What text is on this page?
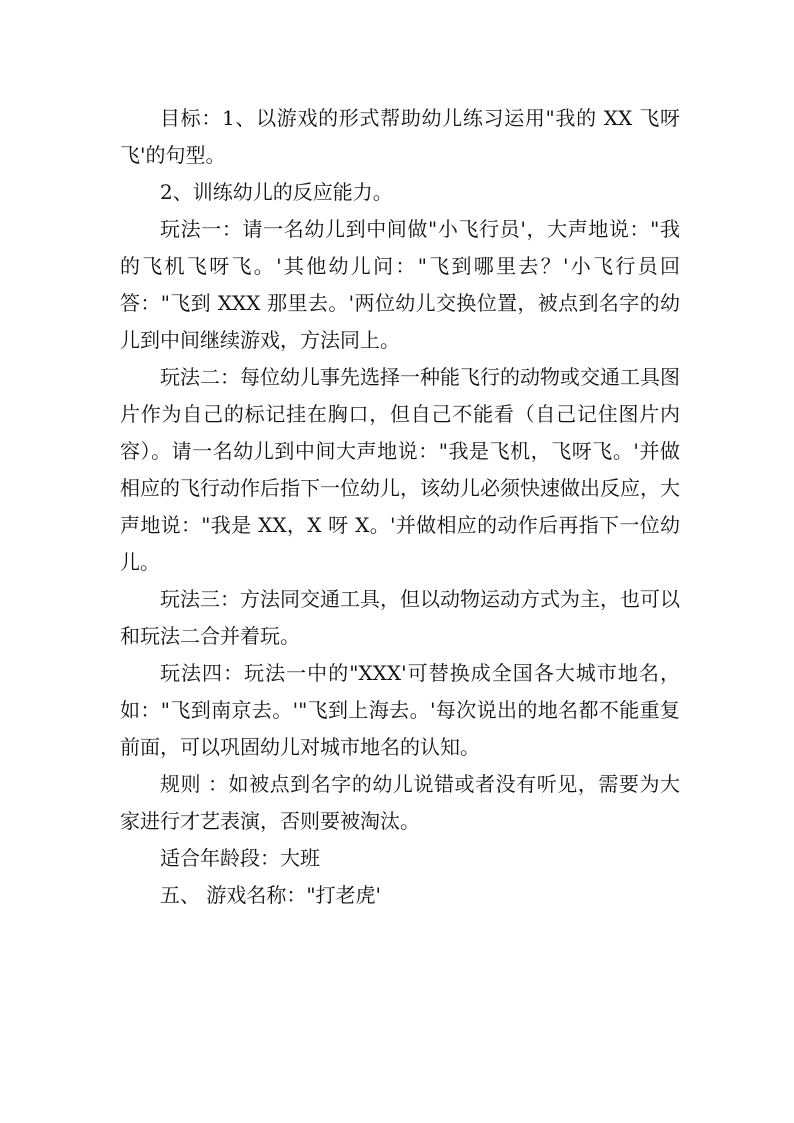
目标：1、以游戏的形式帮助幼儿练习运用"我的 XX 飞呀飞'的句型。

2、训练幼儿的反应能力。

玩法一：请一名幼儿到中间做"小飞行员'，大声地说："我的飞机飞呀飞。'其他幼儿问："飞到哪里去？'小飞行员回答："飞到 XXX 那里去。'两位幼儿交换位置，被点到名字的幼儿到中间继续游戏，方法同上。

玩法二：每位幼儿事先选择一种能飞行的动物或交通工具图片作为自己的标记挂在胸口，但自己不能看（自己记住图片内容）。请一名幼儿到中间大声地说："我是飞机，飞呀飞。'并做相应的飞行动作后指下一位幼儿，该幼儿必须快速做出反应，大声地说："我是 XX，X 呀 X。'并做相应的动作后再指下一位幼儿。

玩法三：方法同交通工具，但以动物运动方式为主，也可以和玩法二合并着玩。

玩法四：玩法一中的"XXX'可替换成全国各大城市地名，如："飞到南京去。'"飞到上海去。'每次说出的地名都不能重复前面，可以巩固幼儿对城市地名的认知。

规则 ：如被点到名字的幼儿说错或者没有听见，需要为大家进行才艺表演，否则要被淘汰。

适合年龄段：大班

五、 游戏名称："打老虎'
